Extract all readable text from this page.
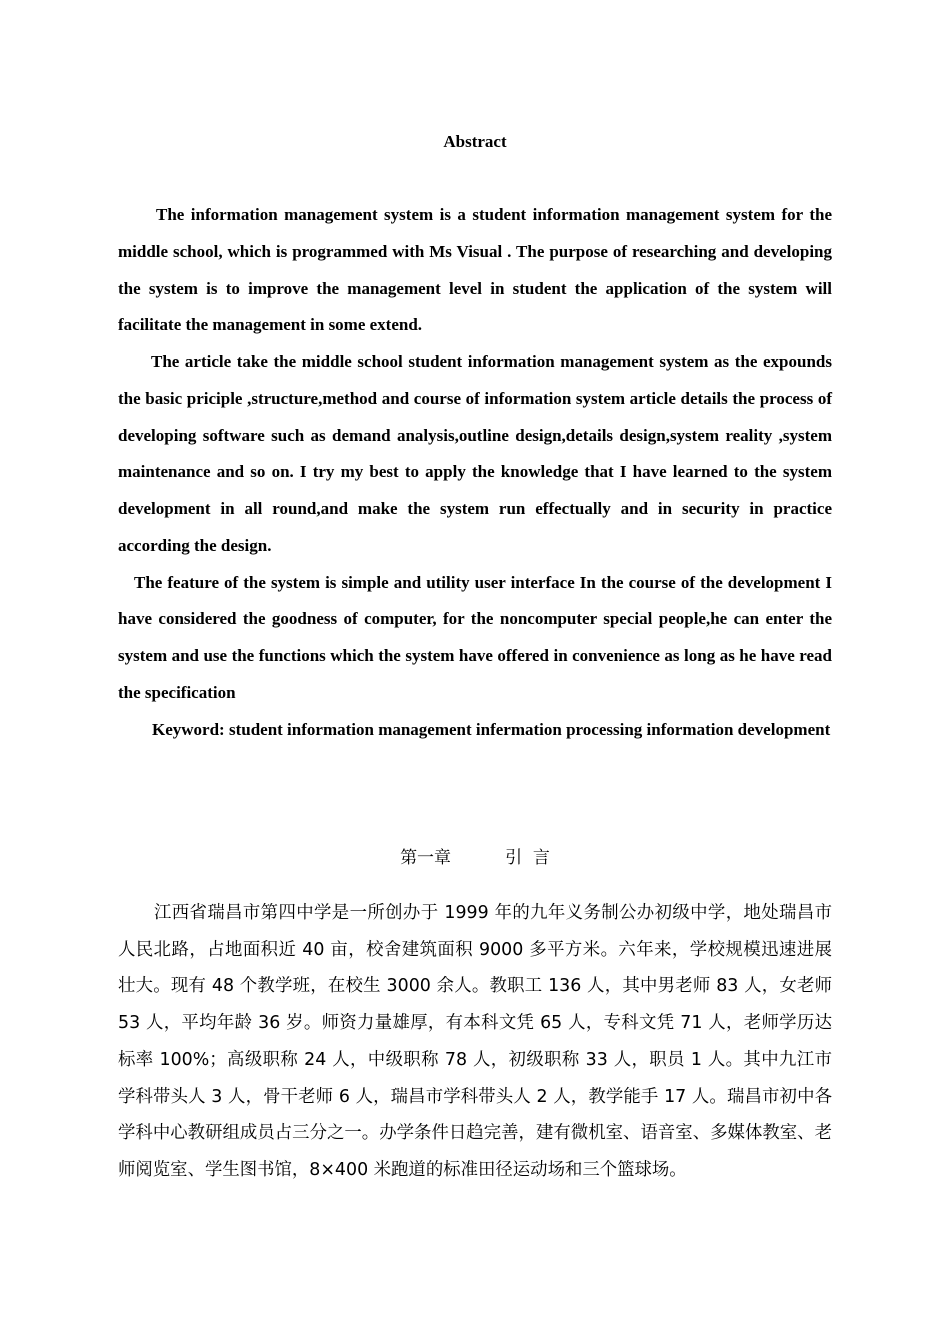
Abstract

The information management system is a student information management system for the middle school, which is programmed with Ms Visual . The purpose of researching and developing the system is to improve the management level in student the application of the system will facilitate the management in some extend.

The article take the middle school student information management system as the expounds the basic priciple ,structure,method and course of information system article details the process of developing software such as demand analysis,outline design,details design,system reality ,system maintenance and so on. I try my best to apply the knowledge that I have learned to the system development in all round,and make the system run effectually and in security in practice according the design.

The feature of the system is simple and utility user interface In the course of the development I have considered the goodness of computer, for the noncomputer special people,he can enter the system and use the functions which the system have offered in convenience as long as he have read the specification

Keyword: student information management infermation processing information development

第一章          引  言

江西省瑞昌市第四中学是一所创办于 1999 年的九年义务制公办初级中学，地处瑞昌市人民北路，占地面积近 40 亩，校舍建筑面积 9000 多平方米。六年来，学校规模迅速进展壮大。现有 48 个教学班，在校生 3000 余人。教职工 136 人，其中男老师 83 人，女老师 53 人，平均年龄 36 岁。师资力量雄厚，有本科文凭 65 人，专科文凭 71 人，老师学历达标率 100%；高级职称 24 人，中级职称 78 人，初级职称 33 人，职员 1 人。其中九江市学科带头人 3 人，骨干老师 6 人，瑞昌市学科带头人 2 人，教学能手 17 人。瑞昌市初中各学科中心教研组成员占三分之一。办学条件日趋完善，建有微机室、语音室、多媒体教室、老师阅览室、学生图书馆，8×400 米跑道的标准田径运动场和三个篮球场。
